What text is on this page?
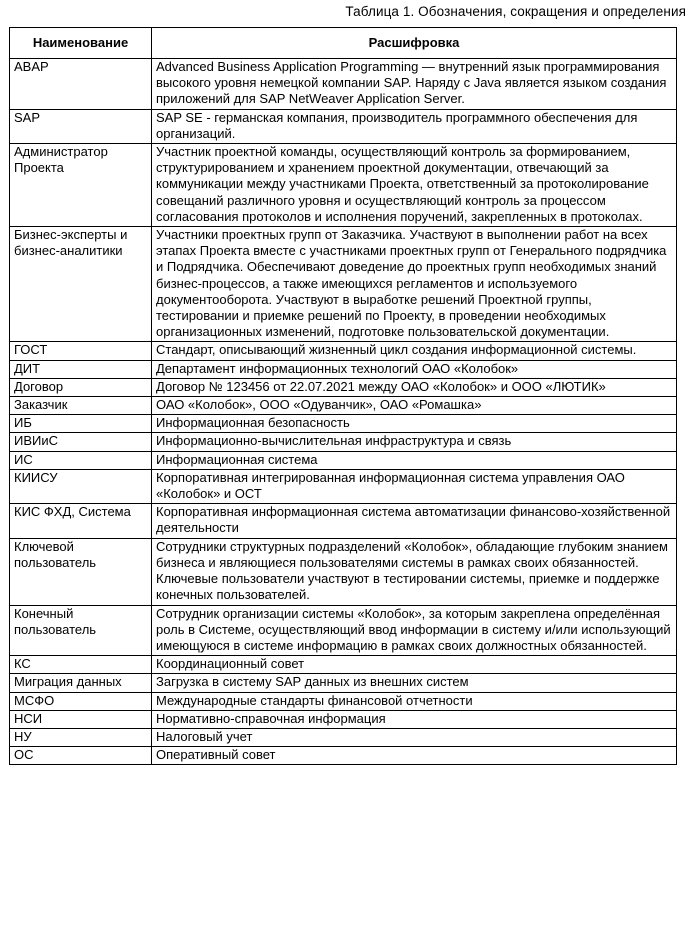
Таблица 1. Обозначения, сокращения и определения
Наименование	Расшифровка
ABAP	Advanced Business Application Programming — внутренний язык программирования высокого уровня немецкой компании SAP. Наряду с Java является языком создания приложений для SAP NetWeaver Application Server.
SAP	SAP SE - германская компания, производитель программного обеспечения для организаций.
Администратор Проекта	Участник проектной команды, осуществляющий контроль за формированием, структурированием и хранением проектной документации, отвечающий за коммуникации между участниками Проекта, ответственный за протоколирование совещаний различного уровня и осуществляющий контроль за процессом согласования протоколов и исполнения поручений, закрепленных в протоколах.
Бизнес-эксперты и бизнес-аналитики	Участники проектных групп от Заказчика. Участвуют в выполнении работ на всех этапах Проекта вместе с участниками проектных групп от Генерального подрядчика и Подрядчика. Обеспечивают доведение до проектных групп необходимых знаний бизнес-процессов, а также имеющихся регламентов и используемого документооборота. Участвуют в выработке решений Проектной группы, тестировании и приемке решений по Проекту, в проведении необходимых организационных изменений, подготовке пользовательской документации.
ГОСТ	Стандарт, описывающий жизненный цикл создания информационной системы.
ДИТ	Департамент информационных технологий ОАО «Колобок»
Договор	Договор № 123456 от 22.07.2021 между ОАО «Колобок» и ООО «ЛЮТИК»
Заказчик	ОАО «Колобок», ООО «Одуванчик», ОАО «Ромашка»
ИБ	Информационная безопасность
ИВИиС	Информационно-вычислительная инфраструктура и связь
ИС	Информационная система
КИИСУ	Корпоративная интегрированная информационная система управления ОАО «Колобок» и ОСТ
КИС ФХД, Система	Корпоративная информационная система автоматизации финансово-хозяйственной деятельности
Ключевой пользователь	Сотрудники структурных подразделений «Колобок», обладающие глубоким знанием бизнеса и являющиеся пользователями системы в рамках своих обязанностей. Ключевые пользователи участвуют в тестировании системы, приемке и поддержке конечных пользователей.
Конечный пользователь	Сотрудник организации системы «Колобок», за которым закреплена определённая роль в Системе, осуществляющий ввод информации в систему и/или использующий имеющуюся в системе информацию в рамках своих должностных обязанностей.
КС	Координационный совет
Миграция данных	Загрузка в систему SAP данных из внешних систем
МСФО	Международные стандарты финансовой отчетности
НСИ	Нормативно-справочная информация
НУ	Налоговый учет
ОС	Оперативный совет
